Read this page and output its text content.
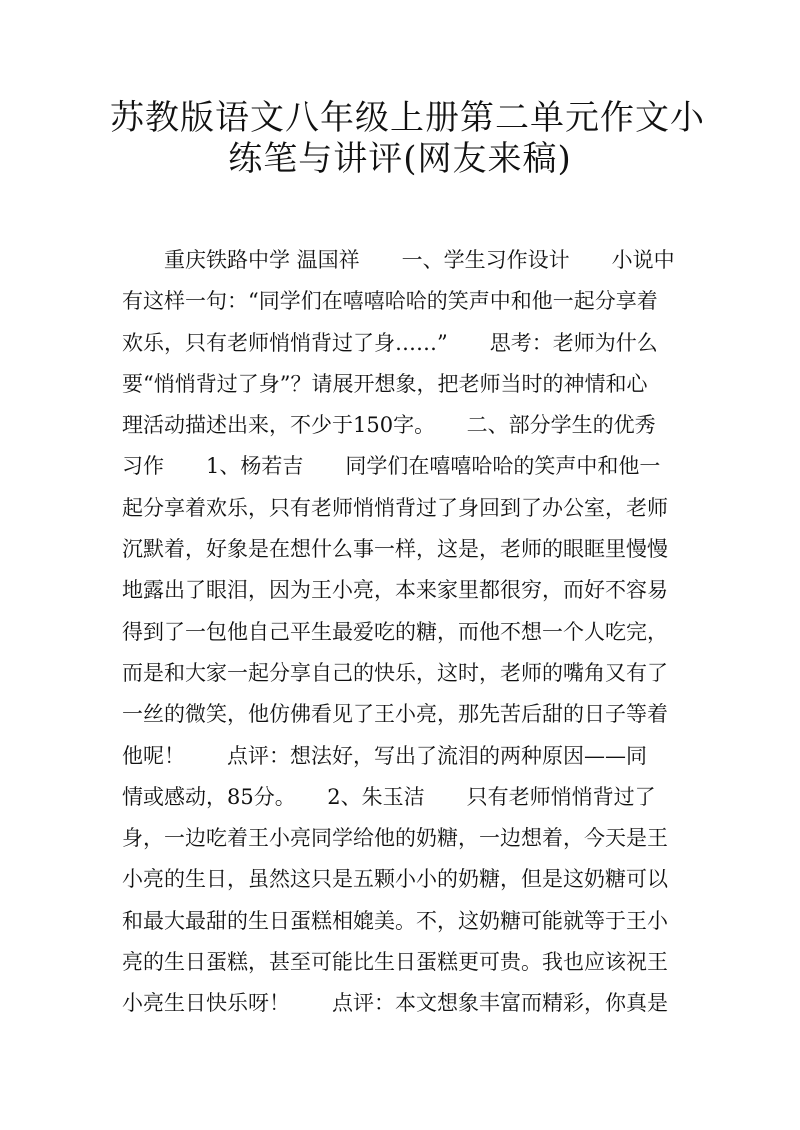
苏教版语文八年级上册第二单元作文小
练笔与讲评(网友来稿)
　　重庆铁路中学 温国祥　　一、学生习作设计　　小说中
有这样一句：“同学们在嘻嘻哈哈的笑声中和他一起分享着
欢乐，只有老师悄悄背过了身……”　　思考：老师为什么
要“悄悄背过了身”？请展开想象，把老师当时的神情和心
理活动描述出来，不少于150字。　　二、部分学生的优秀
习作　　1、杨若吉　　同学们在嘻嘻哈哈的笑声中和他一
起分享着欢乐，只有老师悄悄背过了身回到了办公室，老师
沉默着，好象是在想什么事一样，这是，老师的眼眶里慢慢
地露出了眼泪，因为王小亮，本来家里都很穷，而好不容易
得到了一包他自己平生最爱吃的糖，而他不想一个人吃完，
而是和大家一起分享自己的快乐，这时，老师的嘴角又有了
一丝的微笑，他仿佛看见了王小亮，那先苦后甜的日子等着
他呢！　　点评：想法好，写出了流泪的两种原因——同
情或感动，85分。　　2、朱玉洁　　只有老师悄悄背过了
身，一边吃着王小亮同学给他的奶糖，一边想着，今天是王
小亮的生日，虽然这只是五颗小小的奶糖，但是这奶糖可以
和最大最甜的生日蛋糕相媲美。不，这奶糖可能就等于王小
亮的生日蛋糕，甚至可能比生日蛋糕更可贵。我也应该祝王
小亮生日快乐呀！　　点评：本文想象丰富而精彩，你真是
